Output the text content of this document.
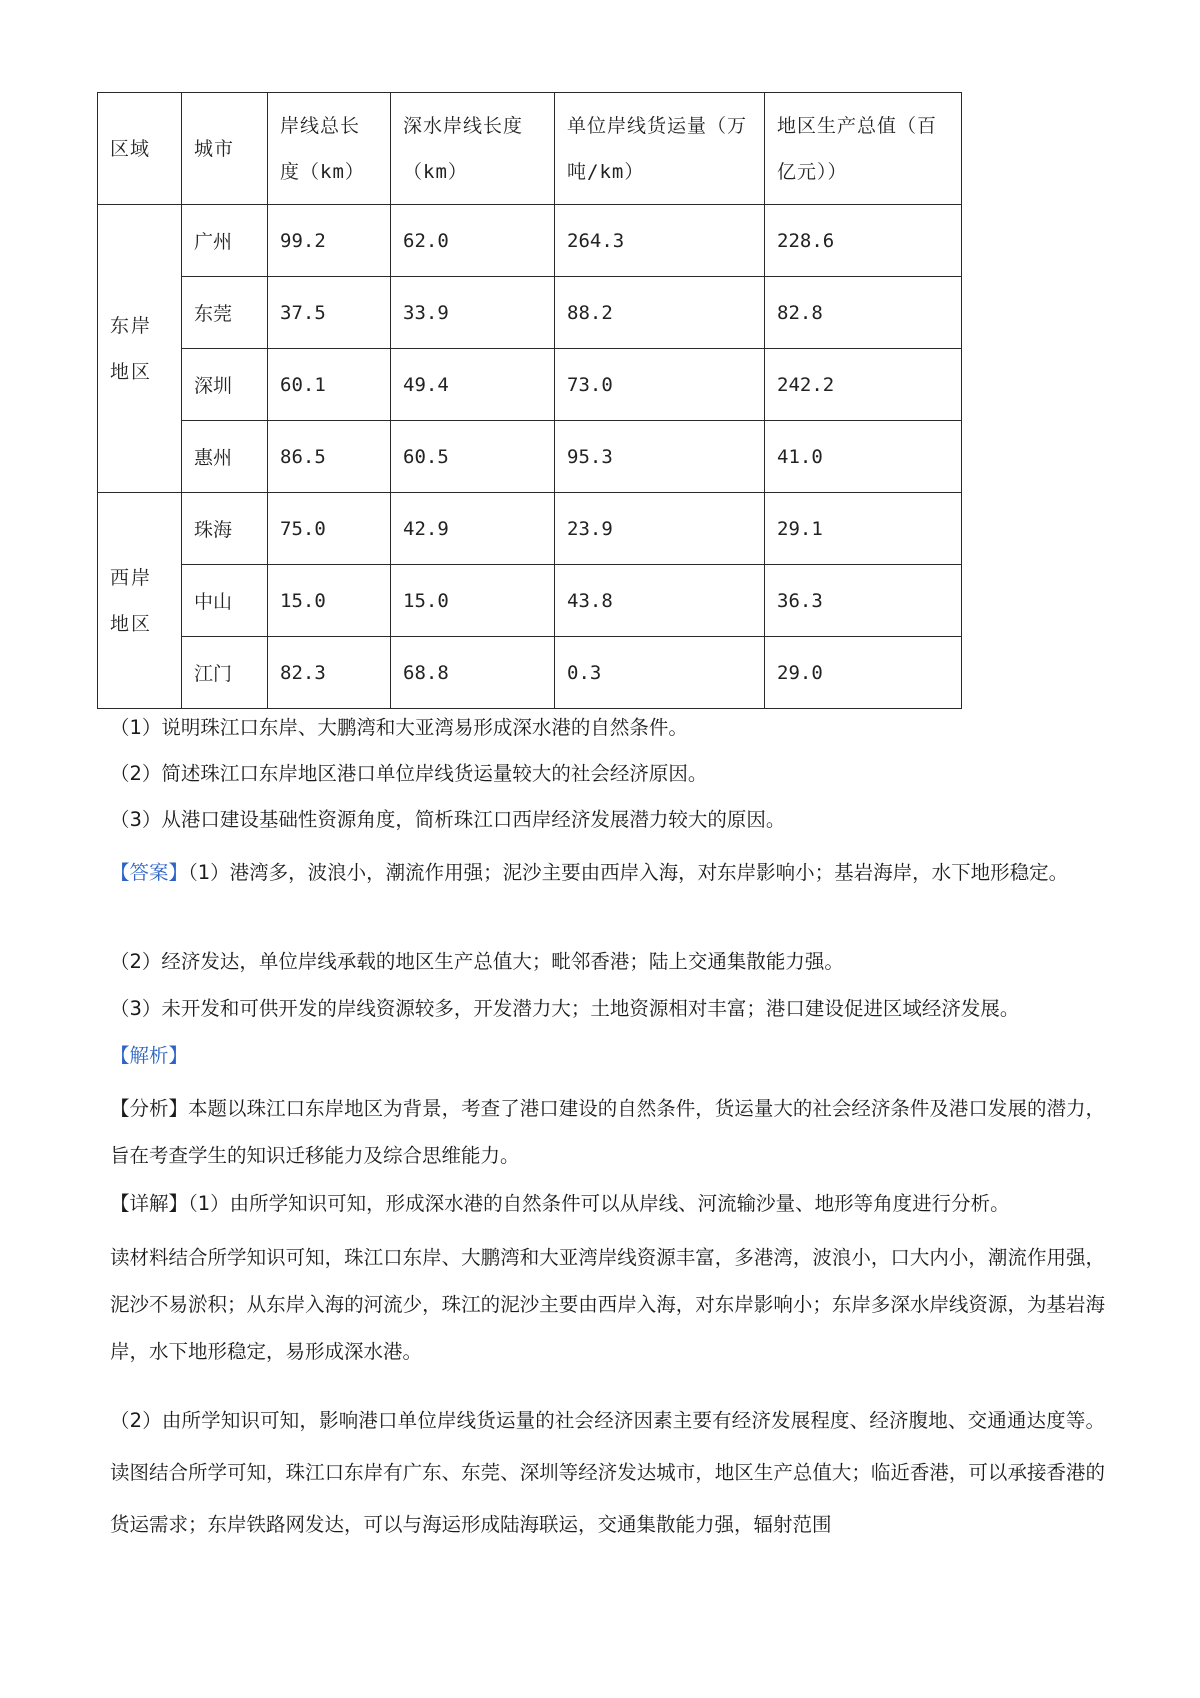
区域	城市	岸线总长度（km）	深水岸线长度（km）	单位岸线货运量（万吨/km）	地区生产总值（百亿元））
东岸地区	广州	99.2	62.0	264.3	228.6
	东莞	37.5	33.9	88.2	82.8
	深圳	60.1	49.4	73.0	242.2
	惠州	86.5	60.5	95.3	41.0
西岸地区	珠海	75.0	42.9	23.9	29.1
	中山	15.0	15.0	43.8	36.3
	江门	82.3	68.8	0.3	29.0
（1）说明珠江口东岸、大鹏湾和大亚湾易形成深水港的自然条件。
（2）简述珠江口东岸地区港口单位岸线货运量较大的社会经济原因。
（3）从港口建设基础性资源角度，简析珠江口西岸经济发展潜力较大的原因。
【答案】（1）港湾多，波浪小，潮流作用强；泥沙主要由西岸入海，对东岸影响小；基岩海岸，水下地形稳定。
（2）经济发达，单位岸线承载的地区生产总值大；毗邻香港；陆上交通集散能力强。
（3）未开发和可供开发的岸线资源较多，开发潜力大；土地资源相对丰富；港口建设促进区域经济发展。
【解析】
【分析】本题以珠江口东岸地区为背景，考查了港口建设的自然条件，货运量大的社会经济条件及港口发展的潜力，旨在考查学生的知识迁移能力及综合思维能力。
【详解】（1）由所学知识可知，形成深水港的自然条件可以从岸线、河流输沙量、地形等角度进行分析。
读材料结合所学知识可知，珠江口东岸、大鹏湾和大亚湾岸线资源丰富，多港湾，波浪小，口大内小，潮流作用强，泥沙不易淤积；从东岸入海的河流少，珠江的泥沙主要由西岸入海，对东岸影响小；东岸多深水岸线资源，为基岩海岸，水下地形稳定，易形成深水港。
（2）由所学知识可知，影响港口单位岸线货运量的社会经济因素主要有经济发展程度、经济腹地、交通通达度等。读图结合所学可知，珠江口东岸有广东、东莞、深圳等经济发达城市，地区生产总值大；临近香港，可以承接香港的货运需求；东岸铁路网发达，可以与海运形成陆海联运，交通集散能力强，辐射范围
